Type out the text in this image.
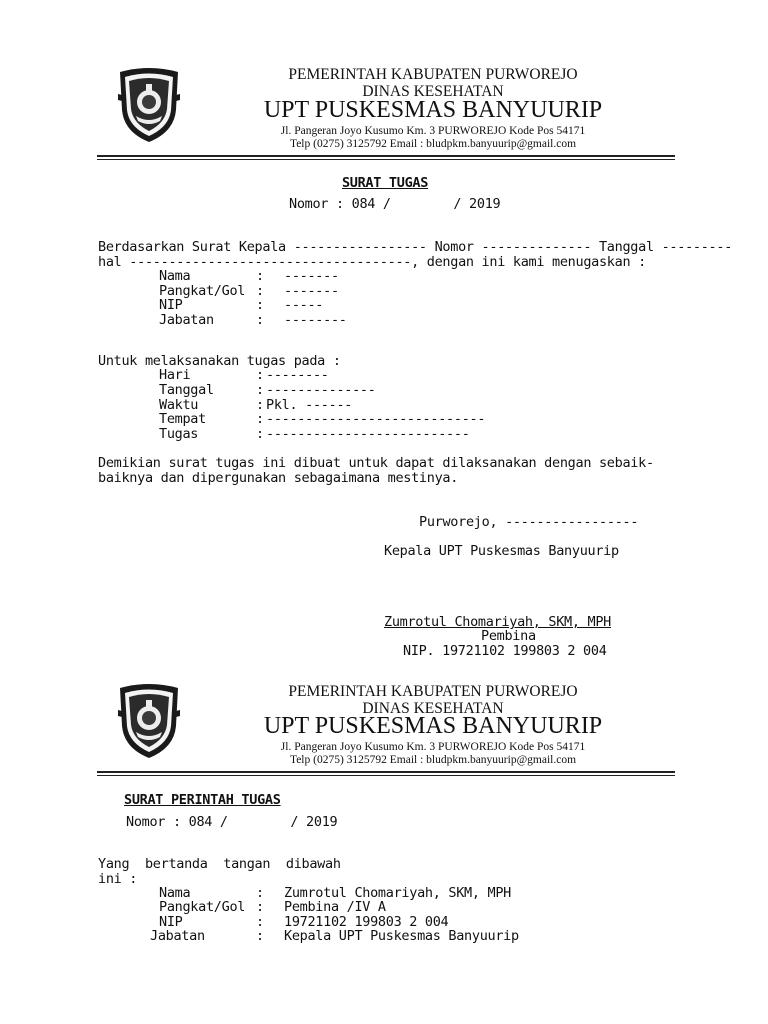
PEMERINTAH KABUPATEN PURWOREJO
DINAS KESEHATAN
UPT PUSKESMAS BANYUURIP
Jl. Pangeran Joyo Kusumo Km. 3 PURWOREJO Kode Pos 54171
Telp (0275) 3125792 Email : bludpkm.banyuurip@gmail.com
SURAT TUGAS
Nomor : 084 /        / 2019
Berdasarkan Surat Kepala ----------------- Nomor -------------- Tanggal ---------
hal ------------------------------------, dengan ini kami menugaskan :
Nama	: -------
Pangkat/Gol : -------
NIP	: -----
Jabatan	: --------
Untuk melaksanakan tugas pada :
Hari	: --------
Tanggal	: --------------
Waktu	: Pkl. ------
Tempat	: ----------------------------
Tugas	: --------------------------
Demikian surat tugas ini dibuat untuk dapat dilaksanakan dengan sebaik-
baiknya dan dipergunakan sebagaimana mestinya.
Purworejo, -----------------
Kepala UPT Puskesmas Banyuurip
Zumrotul Chomariyah, SKM, MPH
Pembina
NIP. 19721102 199803 2 004
PEMERINTAH KABUPATEN PURWOREJO
DINAS KESEHATAN
UPT PUSKESMAS BANYUURIP
Jl. Pangeran Joyo Kusumo Km. 3 PURWOREJO Kode Pos 54171
Telp (0275) 3125792 Email : bludpkm.banyuurip@gmail.com
SURAT PERINTAH TUGAS
Nomor : 084 /        / 2019
Yang  bertanda  tangan  dibawah
ini :
Nama	: Zumrotul Chomariyah, SKM, MPH
Pangkat/Gol : Pembina /IV A
NIP	: 19721102 199803 2 004
Jabatan	: Kepala UPT Puskesmas Banyuurip
